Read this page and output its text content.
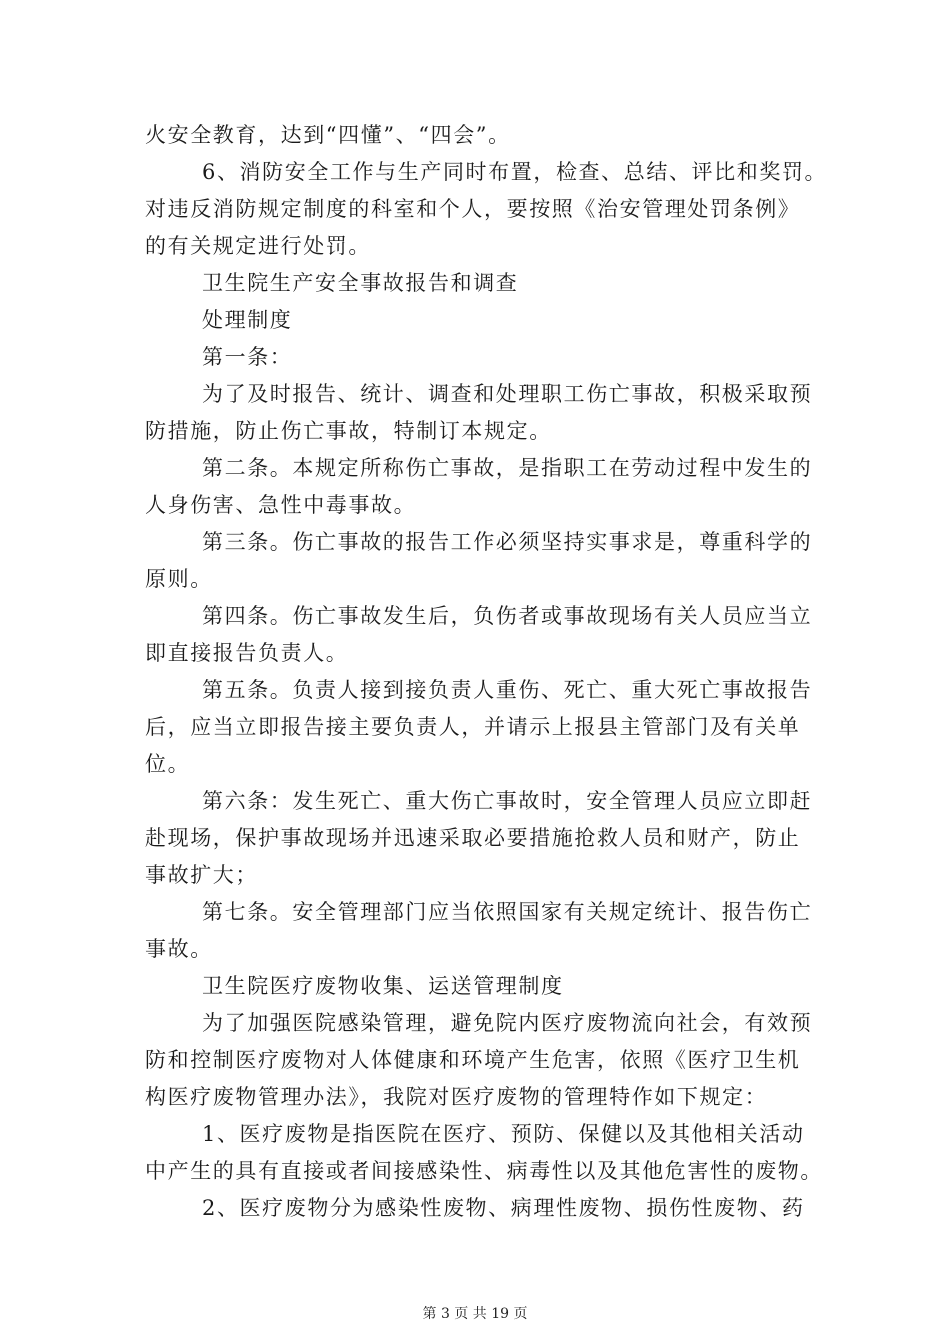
火安全教育，达到“四懂”、“四会”。
6、消防安全工作与生产同时布置，检查、总结、评比和奖罚。
对违反消防规定制度的科室和个人，要按照《治安管理处罚条例》
的有关规定进行处罚。
卫生院生产安全事故报告和调查
处理制度
第一条：
为了及时报告、统计、调查和处理职工伤亡事故，积极采取预
防措施，防止伤亡事故，特制订本规定。
第二条。本规定所称伤亡事故，是指职工在劳动过程中发生的
人身伤害、急性中毒事故。
第三条。伤亡事故的报告工作必须坚持实事求是，尊重科学的
原则。
第四条。伤亡事故发生后，负伤者或事故现场有关人员应当立
即直接报告负责人。
第五条。负责人接到接负责人重伤、死亡、重大死亡事故报告
后，应当立即报告接主要负责人，并请示上报县主管部门及有关单
位。
第六条：发生死亡、重大伤亡事故时，安全管理人员应立即赶
赴现场，保护事故现场并迅速采取必要措施抢救人员和财产，防止
事故扩大；
第七条。安全管理部门应当依照国家有关规定统计、报告伤亡
事故。
卫生院医疗废物收集、运送管理制度
为了加强医院感染管理，避免院内医疗废物流向社会，有效预
防和控制医疗废物对人体健康和环境产生危害，依照《医疗卫生机
构医疗废物管理办法》，我院对医疗废物的管理特作如下规定：
1、医疗废物是指医院在医疗、预防、保健以及其他相关活动
中产生的具有直接或者间接感染性、病毒性以及其他危害性的废物。
2、医疗废物分为感染性废物、病理性废物、损伤性废物、药
第 3 页 共 19 页
